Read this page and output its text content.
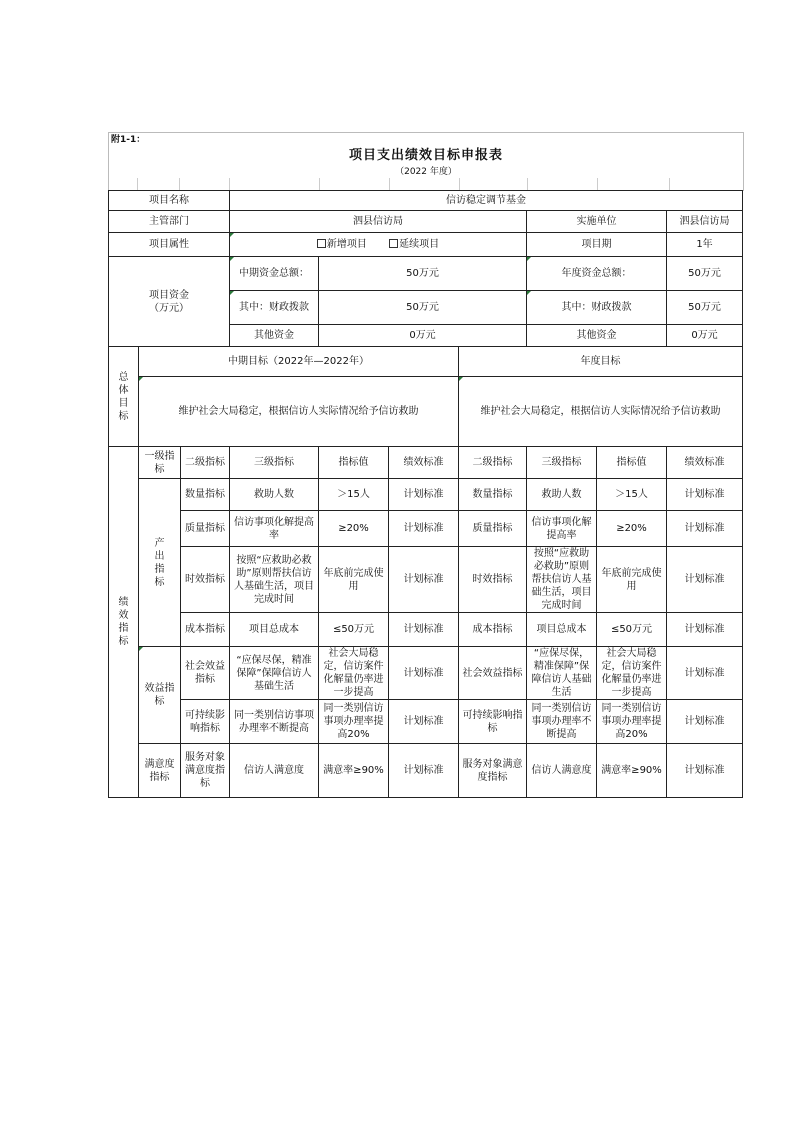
附1-1：
项目支出绩效目标申报表
（2022 年度）
项目名称			信访稳定调节基金						
主管部门			泗县信访局				实施单位		泗县信访局
项目属性			新增项目 延续项目				项目期		1年
项目资金（万元）			中期资金总额：	50万元			年度资金总额：		50万元
			其中：财政拨款	50万元			其中：财政拨款		50万元
			其他资金	0万元			其他资金		0万元
总体目标	中期目标（2022年—2022年）					年度目标			
	维护社会大局稳定，根据信访人实际情况给予信访救助					维护社会大局稳定，根据信访人实际情况给予信访救助			
绩效指标	一级指标	二级指标	三级指标	指标值	绩效标准	二级指标	三级指标	指标值	绩效标准
	产出指标	数量指标	救助人数	＞15人	计划标准	数量指标	救助人数	＞15人	计划标准
		质量指标	信访事项化解提高率	≥20%	计划标准	质量指标	信访事项化解提高率	≥20%	计划标准
		时效指标	按照“应救助必救助”原则帮扶信访人基础生活，项目完成时间	年底前完成使用	计划标准	时效指标	按照“应救助必救助”原则帮扶信访人基础生活，项目完成时间	年底前完成使用	计划标准
		成本指标	项目总成本	≤50万元	计划标准	成本指标	项目总成本	≤50万元	计划标准
	效益指标	社会效益指标	“应保尽保，精准保障”保障信访人基础生活	社会大局稳定，信访案件化解量仍率进一步提高	计划标准	社会效益指标	“应保尽保，精准保障”保障信访人基础生活	社会大局稳定，信访案件化解量仍率进一步提高	计划标准
		可持续影响指标	同一类别信访事项办理率不断提高	同一类别信访事项办理率提高20%	计划标准	可持续影响指标	同一类别信访事项办理率不断提高	同一类别信访事项办理率提高20%	计划标准
	满意度指标	服务对象满意度指标	信访人满意度	满意率≥90%	计划标准	服务对象满意度指标	信访人满意度	满意率≥90%	计划标准
